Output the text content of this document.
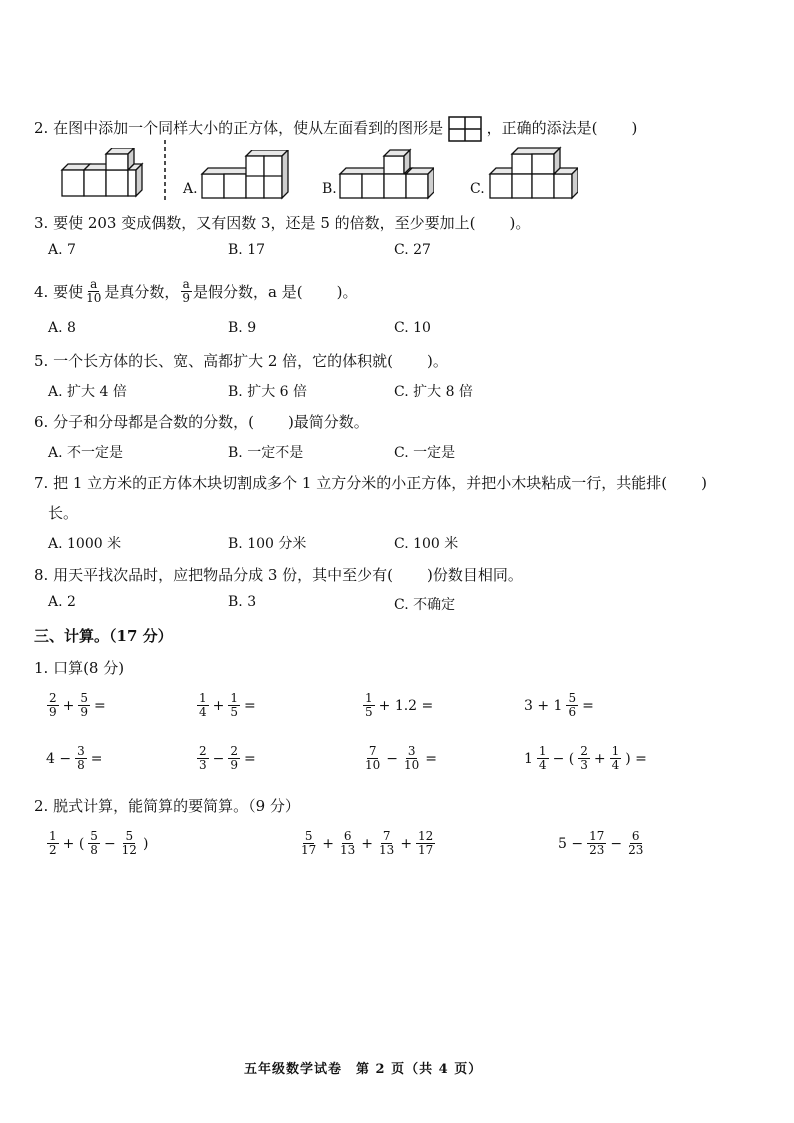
2. 在图中添加一个同样大小的正方体，使从左面看到的图形是	，正确的添法是( )
A.	B.	C.
3. 要使 203 变成偶数，又有因数 3，还是 5 的倍数，至少要加上( )。
A. 7	B. 17	C. 27
4. 要使 $\frac{a}{10}$ 是真分数， $\frac{a}{9}$ 是假分数，a 是( )。
A. 8	B. 9	C. 10
5. 一个长方体的长、宽、高都扩大 2 倍，它的体积就( )。
A. 扩大 4 倍	B. 扩大 6 倍	C. 扩大 8 倍
6. 分子和分母都是合数的分数，( )最简分数。
A. 不一定是	B. 一定不是	C. 一定是
7. 把 1 立方米的正方体木块切割成多个 1 立方分米的小正方体，并把小木块粘成一行，共能排( )
长。
A. 1000 米	B. 100 分米	C. 100 米
8. 用天平找次品时，应把物品分成 3 份，其中至少有( )份数目相同。
A. 2	B. 3	C. 不确定
三、计算。（17 分）
1. 口算(8 分)
$\frac{2}{9} + \frac{5}{9}$ =	$\frac{1}{4} + \frac{1}{5}$ =	$\frac{1}{5} + 1.2$ =	$3 + 1 \frac{5}{6}$ =
$4 - \frac{3}{8}$ =	$\frac{2}{3} - \frac{2}{9}$ =	$\frac{7}{10} - \frac{3}{10}$ =	$1 \frac{1}{4}$ − ( $\frac{2}{3} + \frac{1}{4}$ ) =
2. 脱式计算，能简算的要简算。（9 分）
$\frac{1}{2}$ + ( $\frac{5}{8} - \frac{5}{12}$ )	$\frac{5}{17} + \frac{6}{13} + \frac{7}{13} + \frac{12}{17}$	$5 - \frac{17}{23} - \frac{6}{23}$
五年级数学试卷　第 2 页（共 4 页）
